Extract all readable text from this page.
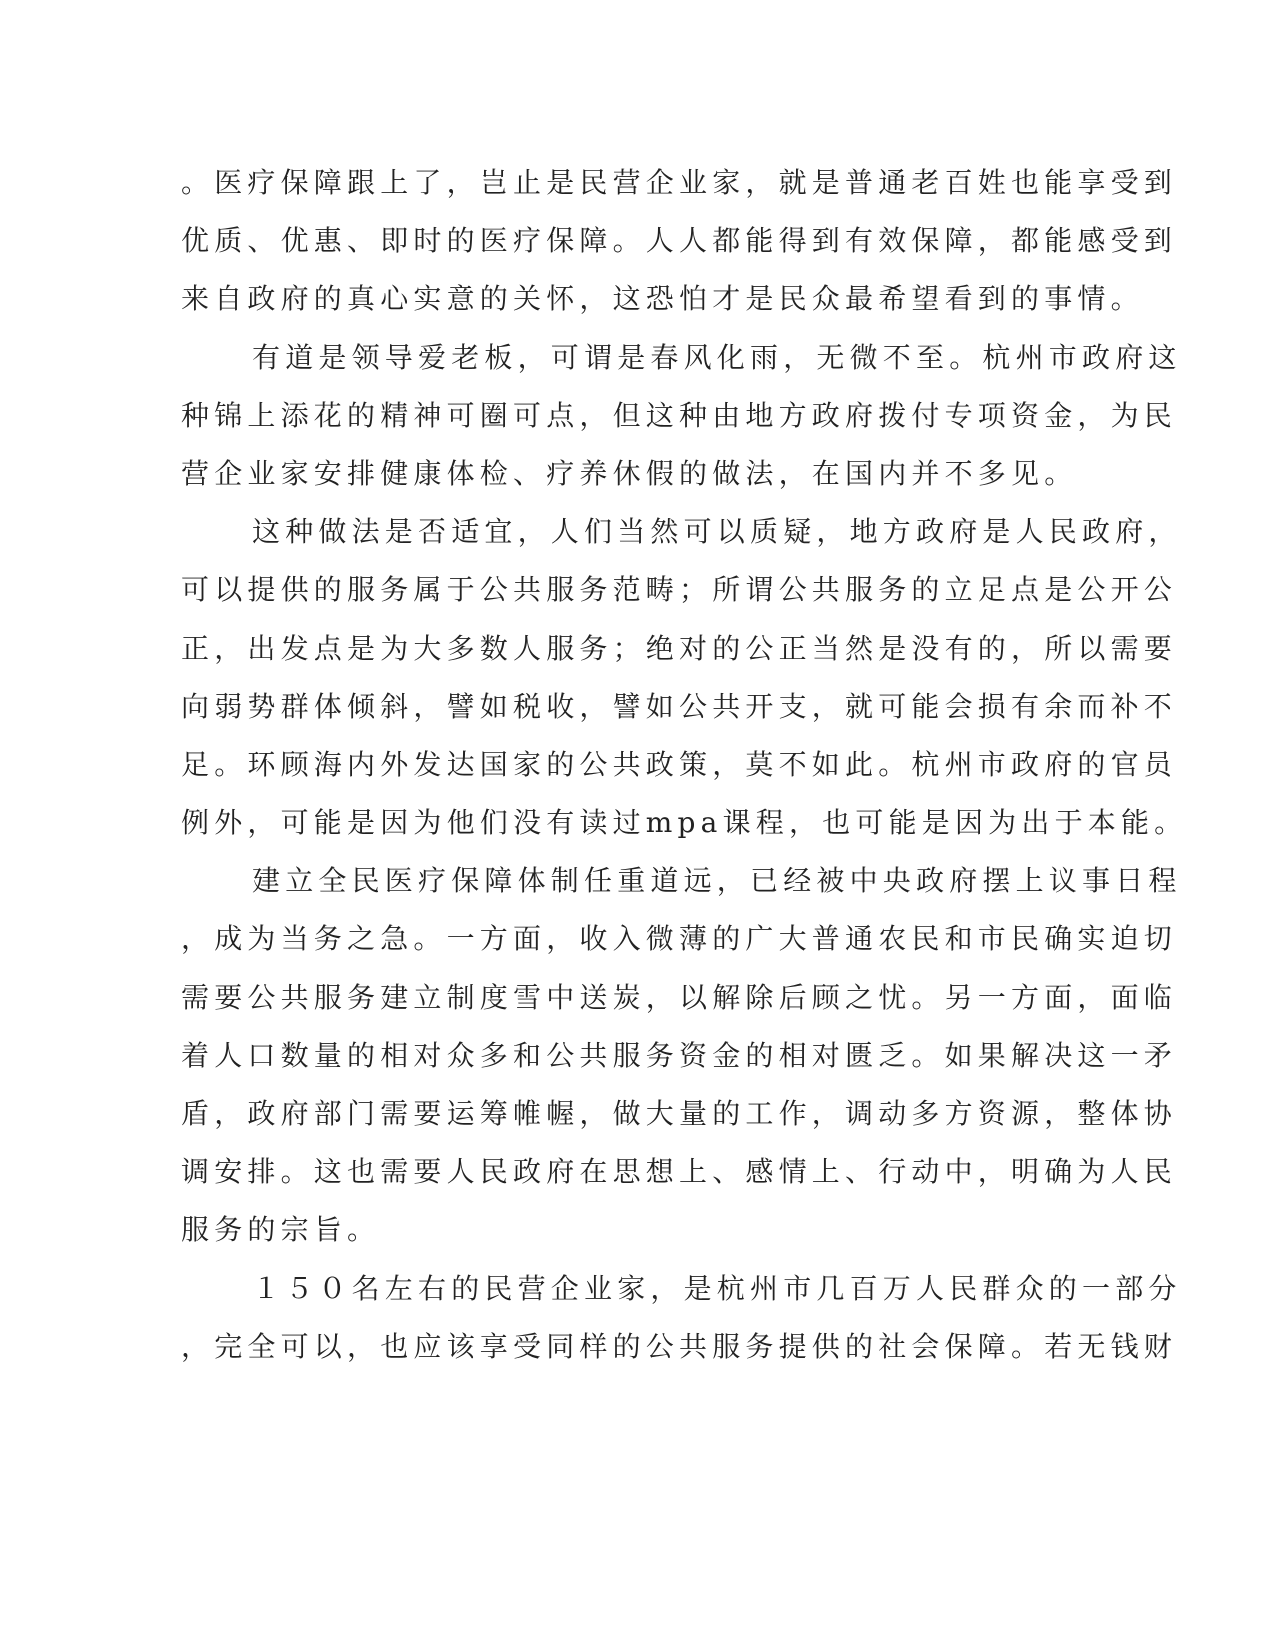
。医疗保障跟上了，岂止是民营企业家，就是普通老百姓也能享受到
优质、优惠、即时的医疗保障。人人都能得到有效保障，都能感受到
来自政府的真心实意的关怀，这恐怕才是民众最希望看到的事情。
有道是领导爱老板，可谓是春风化雨，无微不至。杭州市政府这
种锦上添花的精神可圈可点，但这种由地方政府拨付专项资金，为民
营企业家安排健康体检、疗养休假的做法，在国内并不多见。
这种做法是否适宜，人们当然可以质疑，地方政府是人民政府，
可以提供的服务属于公共服务范畴；所谓公共服务的立足点是公开公
正，出发点是为大多数人服务；绝对的公正当然是没有的，所以需要
向弱势群体倾斜，譬如税收，譬如公共开支，就可能会损有余而补不
足。环顾海内外发达国家的公共政策，莫不如此。杭州市政府的官员
例外，可能是因为他们没有读过mpa课程，也可能是因为出于本能。
建立全民医疗保障体制任重道远，已经被中央政府摆上议事日程
，成为当务之急。一方面，收入微薄的广大普通农民和市民确实迫切
需要公共服务建立制度雪中送炭，以解除后顾之忧。另一方面，面临
着人口数量的相对众多和公共服务资金的相对匮乏。如果解决这一矛
盾，政府部门需要运筹帷幄，做大量的工作，调动多方资源，整体协
调安排。这也需要人民政府在思想上、感情上、行动中，明确为人民
服务的宗旨。
１５０名左右的民营企业家，是杭州市几百万人民群众的一部分
，完全可以，也应该享受同样的公共服务提供的社会保障。若无钱财
